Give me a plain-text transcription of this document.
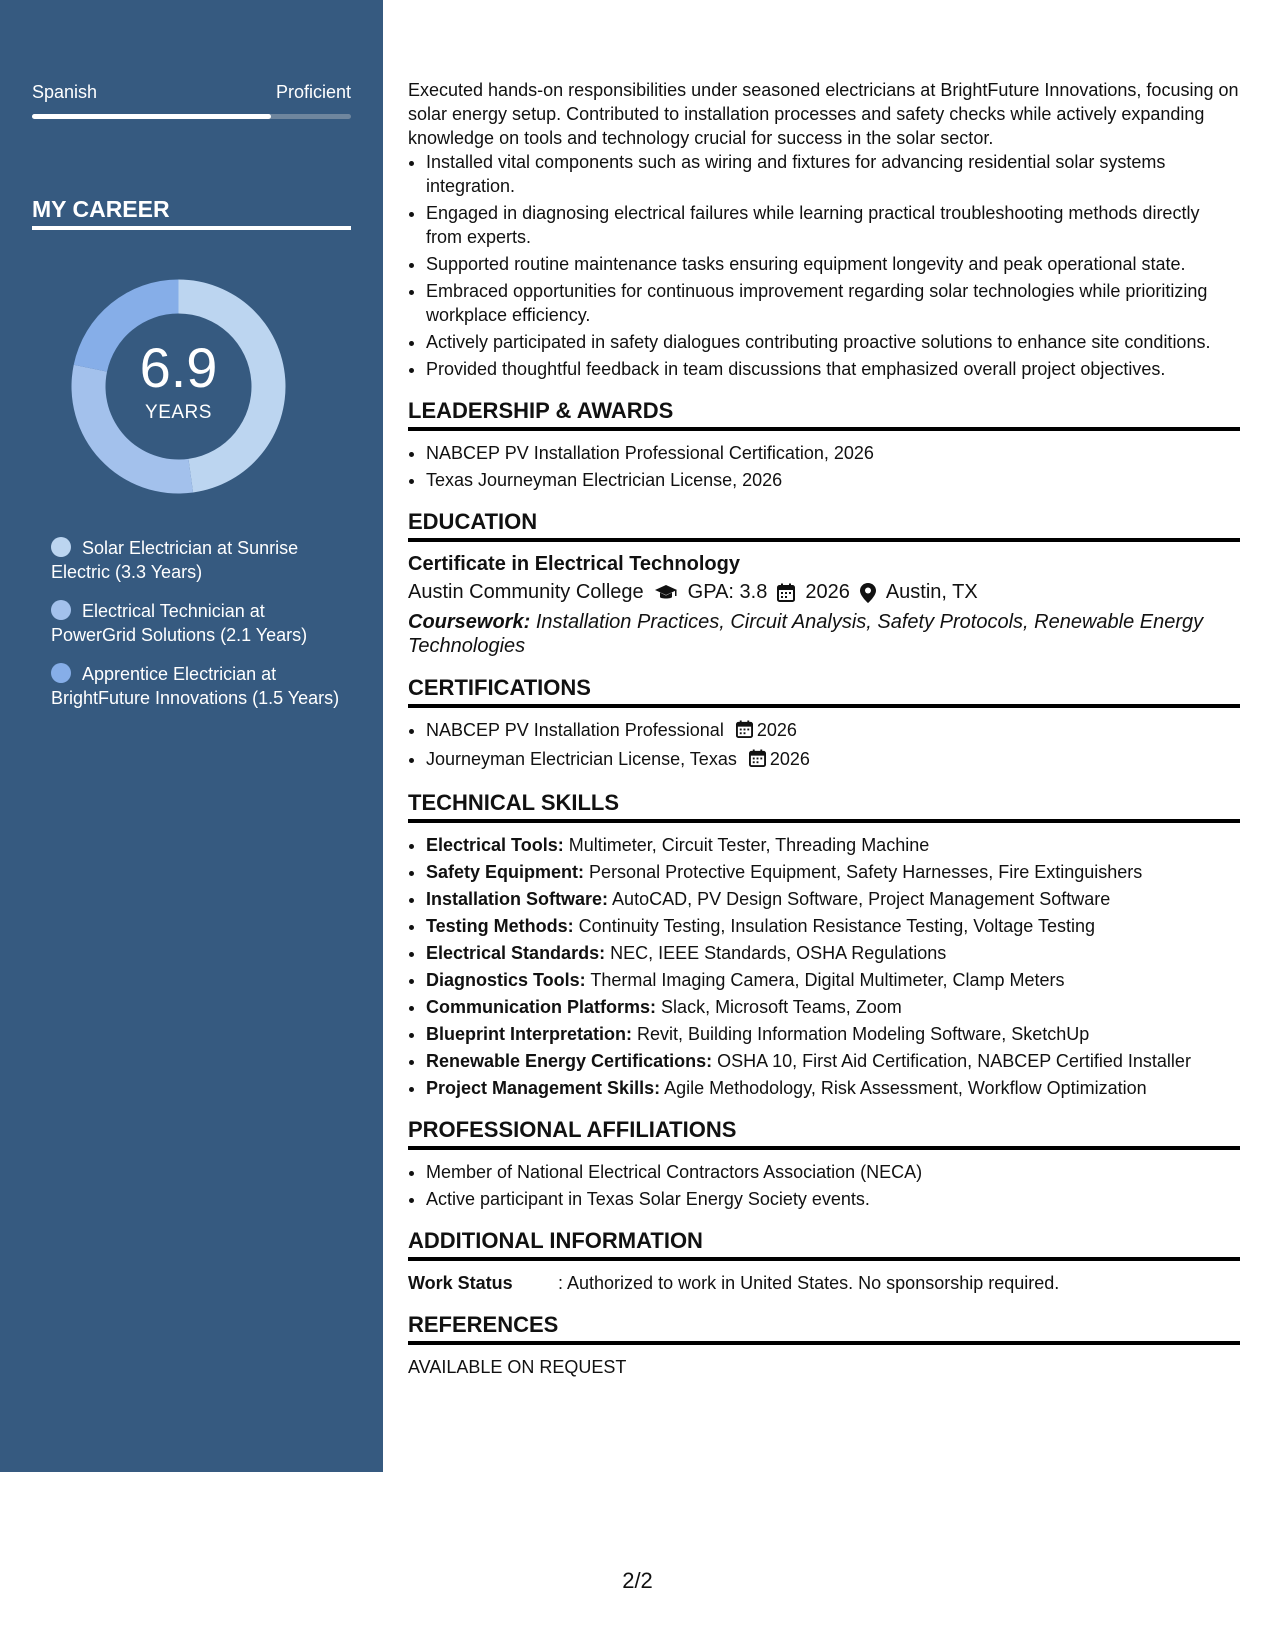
Spanish	Proficient
MY CAREER
6.9
YEARS
Solar Electrician at Sunrise Electric (3.3 Years)
Electrical Technician at PowerGrid Solutions (2.1 Years)
Apprentice Electrician at BrightFuture Innovations (1.5 Years)

Executed hands-on responsibilities under seasoned electricians at BrightFuture Innovations, focusing on solar energy setup. Contributed to installation processes and safety checks while actively expanding knowledge on tools and technology crucial for success in the solar sector.

• Installed vital components such as wiring and fixtures for advancing residential solar systems integration.
• Engaged in diagnosing electrical failures while learning practical troubleshooting methods directly from experts.
• Supported routine maintenance tasks ensuring equipment longevity and peak operational state.
• Embraced opportunities for continuous improvement regarding solar technologies while prioritizing workplace efficiency.
• Actively participated in safety dialogues contributing proactive solutions to enhance site conditions.
• Provided thoughtful feedback in team discussions that emphasized overall project objectives.
LEADERSHIP & AWARDS
• NABCEP PV Installation Professional Certification, 2026
• Texas Journeyman Electrician License, 2026
EDUCATION
Certificate in Electrical Technology
Austin Community College GPA: 3.8 2026 Austin, TX
Coursework: Installation Practices, Circuit Analysis, Safety Protocols, Renewable Energy Technologies
CERTIFICATIONS
• NABCEP PV Installation Professional 2026
• Journeyman Electrician License, Texas 2026
TECHNICAL SKILLS
• Electrical Tools: Multimeter, Circuit Tester, Threading Machine
• Safety Equipment: Personal Protective Equipment, Safety Harnesses, Fire Extinguishers
• Installation Software: AutoCAD, PV Design Software, Project Management Software
• Testing Methods: Continuity Testing, Insulation Resistance Testing, Voltage Testing
• Electrical Standards: NEC, IEEE Standards, OSHA Regulations
• Diagnostics Tools: Thermal Imaging Camera, Digital Multimeter, Clamp Meters
• Communication Platforms: Slack, Microsoft Teams, Zoom
• Blueprint Interpretation: Revit, Building Information Modeling Software, SketchUp
• Renewable Energy Certifications: OSHA 10, First Aid Certification, NABCEP Certified Installer
• Project Management Skills: Agile Methodology, Risk Assessment, Workflow Optimization
PROFESSIONAL AFFILIATIONS
• Member of National Electrical Contractors Association (NECA)
• Active participant in Texas Solar Energy Society events.
ADDITIONAL INFORMATION
Work Status	: Authorized to work in United States. No sponsorship required.
REFERENCES
AVAILABLE ON REQUEST
2/2
